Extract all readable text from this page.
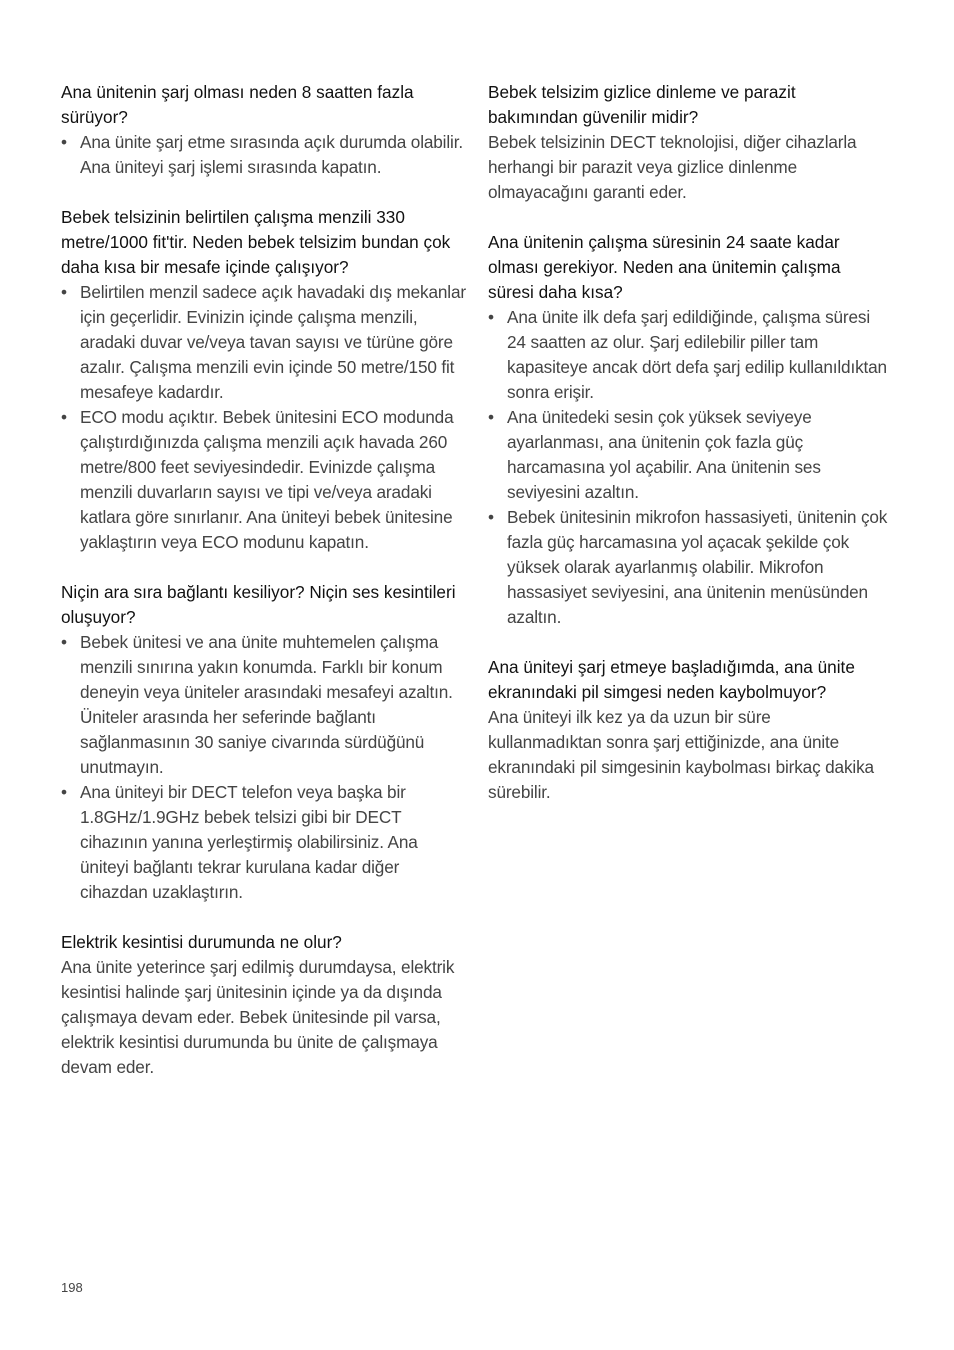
Ana ünitenin şarj olması neden 8 saatten fazla sürüyor?

• Ana ünite şarj etme sırasında açık durumda olabilir. Ana üniteyi şarj işlemi sırasında kapatın.

Bebek telsizinin belirtilen çalışma menzili 330 metre/1000 fit'tir. Neden bebek telsizim bundan çok daha kısa bir mesafe içinde çalışıyor?

• Belirtilen menzil sadece açık havadaki dış mekanlar için geçerlidir. Evinizin içinde çalışma menzili, aradaki duvar ve/veya tavan sayısı ve türüne göre azalır. Çalışma menzili evin içinde 50 metre/150 fit mesafeye kadardır.
• ECO modu açıktır. Bebek ünitesini ECO modunda çalıştırdığınızda çalışma menzili açık havada 260 metre/800 feet seviyesindedir. Evinizde çalışma menzili duvarların sayısı ve tipi ve/veya aradaki katlara göre sınırlanır. Ana üniteyi bebek ünitesine yaklaştırın veya ECO modunu kapatın.

Niçin ara sıra bağlantı kesiliyor? Niçin ses kesintileri oluşuyor?

• Bebek ünitesi ve ana ünite muhtemelen çalışma menzili sınırına yakın konumda. Farklı bir konum deneyin veya üniteler arasındaki mesafeyi azaltın. Üniteler arasında her seferinde bağlantı sağlanmasının 30 saniye civarında sürdüğünü unutmayın.
• Ana üniteyi bir DECT telefon veya başka bir 1.8GHz/1.9GHz bebek telsizi gibi bir DECT cihazının yanına yerleştirmiş olabilirsiniz. Ana üniteyi bağlantı tekrar kurulana kadar diğer cihazdan uzaklaştırın.

Elektrik kesintisi durumunda ne olur?

Ana ünite yeterince şarj edilmiş durumdaysa, elektrik kesintisi halinde şarj ünitesinin içinde ya da dışında çalışmaya devam eder. Bebek ünitesinde pil varsa, elektrik kesintisi durumunda bu ünite de çalışmaya devam eder.

Bebek telsizim gizlice dinleme ve parazit bakımından güvenilir midir?

Bebek telsizinin DECT teknolojisi, diğer cihazlarla herhangi bir parazit veya gizlice dinlenme olmayacağını garanti eder.

Ana ünitenin çalışma süresinin 24 saate kadar olması gerekiyor. Neden ana ünitemin çalışma süresi daha kısa?

• Ana ünite ilk defa şarj edildiğinde, çalışma süresi 24 saatten az olur. Şarj edilebilir piller tam kapasiteye ancak dört defa şarj edilip kullanıldıktan sonra erişir.
• Ana ünitedeki sesin çok yüksek seviyeye ayarlanması, ana ünitenin çok fazla güç harcamasına yol açabilir. Ana ünitenin ses seviyesini azaltın.
• Bebek ünitesinin mikrofon hassasiyeti, ünitenin çok fazla güç harcamasına yol açacak şekilde çok yüksek olarak ayarlanmış olabilir. Mikrofon hassasiyet seviyesini, ana ünitenin menüsünden azaltın.

Ana üniteyi şarj etmeye başladığımda, ana ünite ekranındaki pil simgesi neden kaybolmuyor?

Ana üniteyi ilk kez ya da uzun bir süre kullanmadıktan sonra şarj ettiğinizde, ana ünite ekranındaki pil simgesinin kaybolması birkaç dakika sürebilir.

198
